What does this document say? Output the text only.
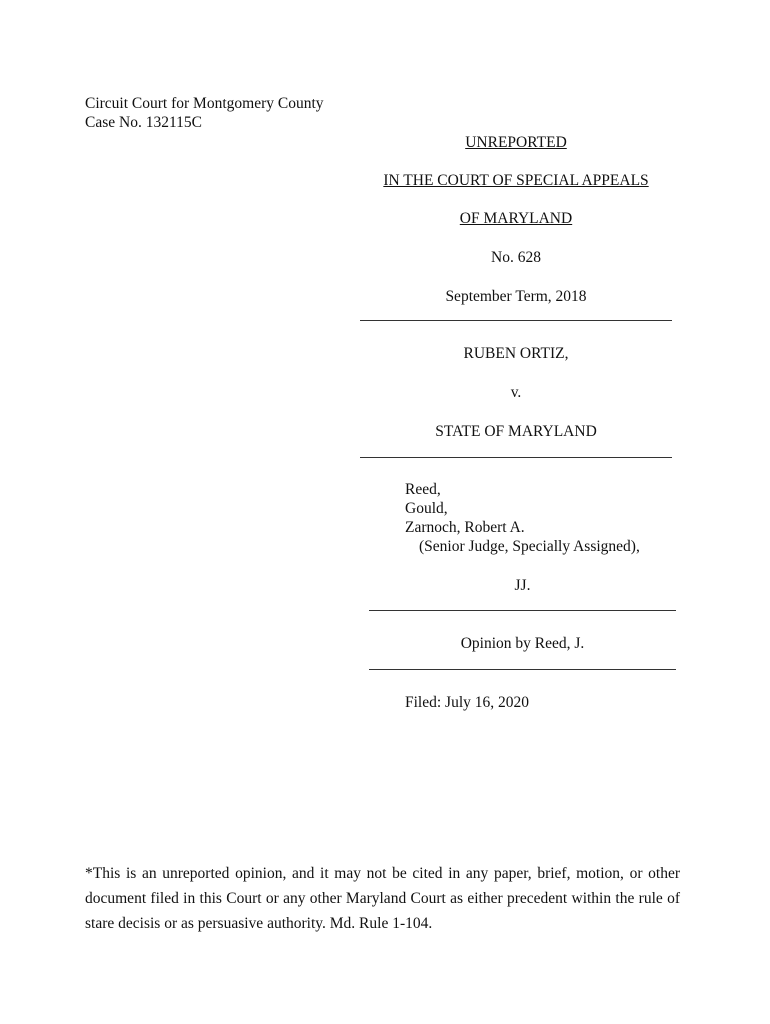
Circuit Court for Montgomery County
Case No. 132115C
UNREPORTED
IN THE COURT OF SPECIAL APPEALS
OF MARYLAND
No. 628
September Term, 2018
RUBEN ORTIZ,
v.
STATE OF MARYLAND
Reed,
Gould,
Zarnoch, Robert A.
(Senior Judge, Specially Assigned),
JJ.
Opinion by Reed, J.
Filed: July 16, 2020
*This is an unreported opinion, and it may not be cited in any paper, brief, motion, or other document filed in this Court or any other Maryland Court as either precedent within the rule of stare decisis or as persuasive authority. Md. Rule 1-104.
